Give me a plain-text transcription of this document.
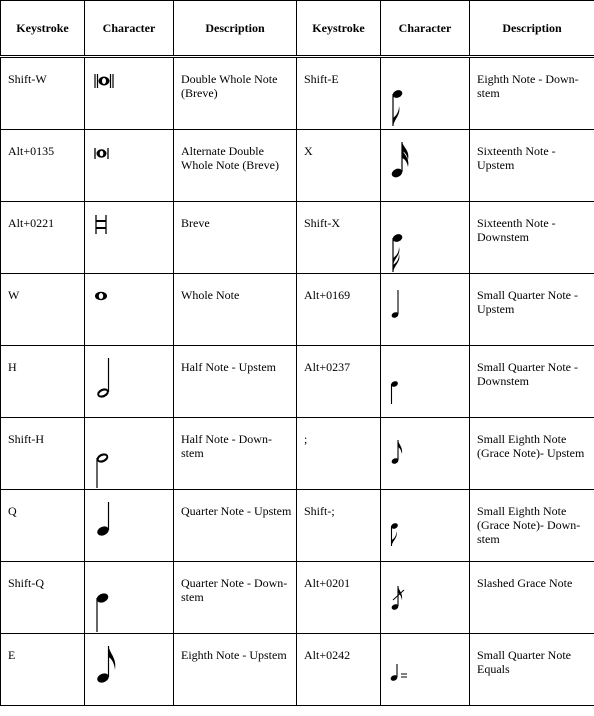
Keystroke	Character	Description	Keystroke	Character	Description

Shift-W		Double Whole Note (Breve)	Shift-E		Eighth Note - Down-stem

Alt+0135		Alternate Double Whole Note (Breve)	X		Sixteenth Note - Upstem

Alt+0221		Breve	Shift-X		Sixteenth Note - Downstem

W		Whole Note	Alt+0169		Small Quarter Note - Upstem

H		Half Note - Upstem	Alt+0237		Small Quarter Note - Downstem

Shift-H		Half Note - Down-stem	;		Small Eighth Note (Grace Note)- Upstem

Q		Quarter Note - Upstem	Shift-;		Small Eighth Note (Grace Note)- Down-stem

Shift-Q		Quarter Note - Down-stem	Alt+0201		Slashed Grace Note

E		Eighth Note - Upstem	Alt+0242		Small Quarter Note Equals
